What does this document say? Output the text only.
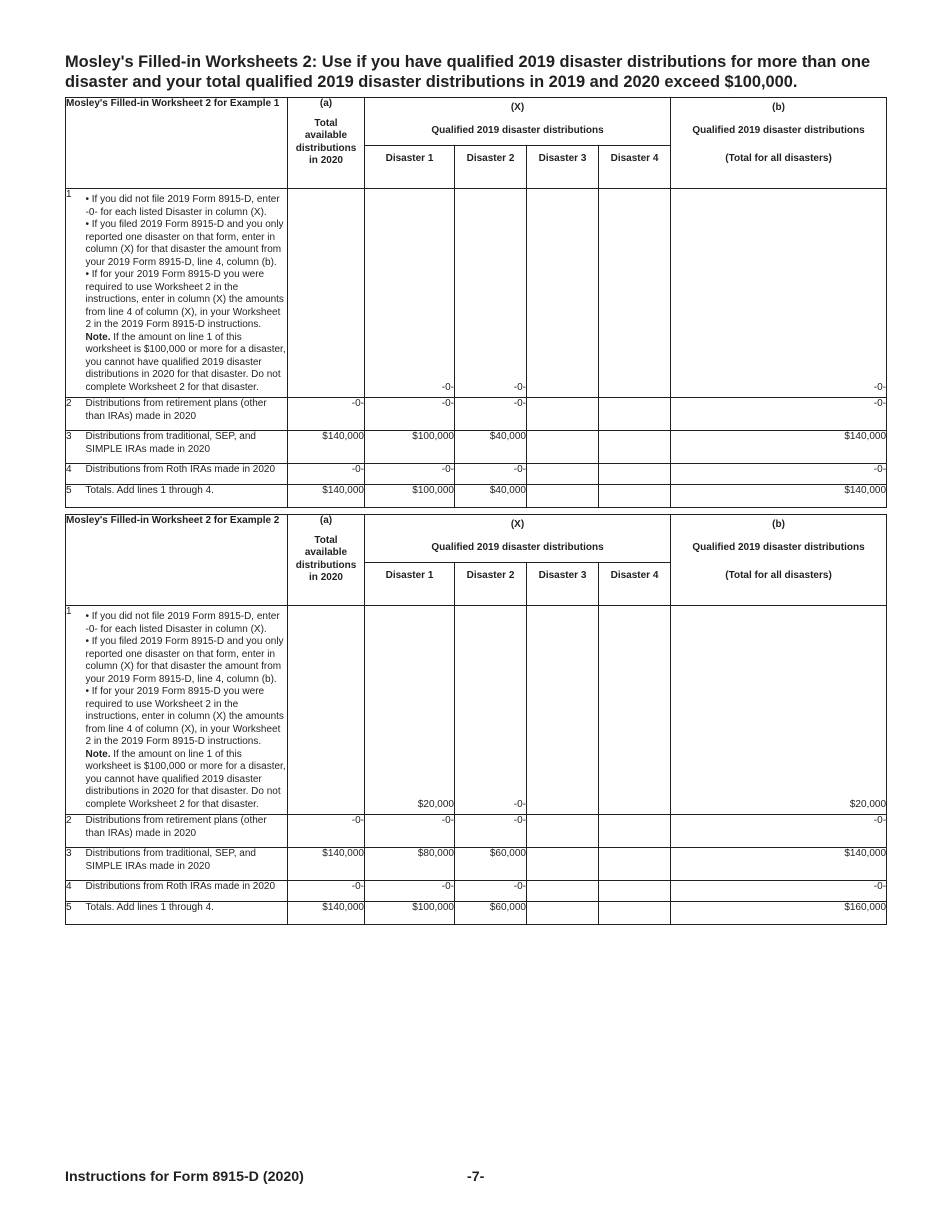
Mosley's Filled-in Worksheets 2: Use if you have qualified 2019 disaster distributions for more than one disaster and your total qualified 2019 disaster distributions in 2019 and 2020 exceed $100,000.
Mosley's Filled-in Worksheet 2 for Example 1		(a)
Total
available
distributions
in 2020	(X)				(b)
			Qualified 2019 disaster distributions				Qualified 2019 disaster distributions
			Disaster 1	Disaster 2	Disaster 3	Disaster 4	(Total for all disasters)
1	• If you did not file 2019 Form 8915-D, enter -0- for each listed Disaster in column (X).
• If you filed 2019 Form 8915-D and you only reported one disaster on that form, enter in column (X) for that disaster the amount from your 2019 Form 8915-D, line 4, column (b).
• If for your 2019 Form 8915-D you were required to use Worksheet 2 in the instructions, enter in column (X) the amounts from line 4 of column (X), in your Worksheet 2 in the 2019 Form 8915-D instructions.
Note. If the amount on line 1 of this worksheet is $100,000 or more for a disaster, you cannot have qualified 2019 disaster distributions in 2020 for that disaster. Do not complete Worksheet 2 for that disaster.		-0-	-0-			-0-
2	Distributions from retirement plans (other than IRAs) made in 2020	-0-	-0-	-0-			-0-
3	Distributions from traditional, SEP, and SIMPLE IRAs made in 2020	$140,000	$100,000	$40,000			$140,000
4	Distributions from Roth IRAs made in 2020	-0-	-0-	-0-			-0-
5	Totals. Add lines 1 through 4.	$140,000	$100,000	$40,000			$140,000
Mosley's Filled-in Worksheet 2 for Example 2		(a)
Total
available
distributions
in 2020	(X)				(b)
			Qualified 2019 disaster distributions				Qualified 2019 disaster distributions
			Disaster 1	Disaster 2	Disaster 3	Disaster 4	(Total for all disasters)
1	• If you did not file 2019 Form 8915-D, enter -0- for each listed Disaster in column (X).
• If you filed 2019 Form 8915-D and you only reported one disaster on that form, enter in column (X) for that disaster the amount from your 2019 Form 8915-D, line 4, column (b).
• If for your 2019 Form 8915-D you were required to use Worksheet 2 in the instructions, enter in column (X) the amounts from line 4 of column (X), in your Worksheet 2 in the 2019 Form 8915-D instructions.
Note. If the amount on line 1 of this worksheet is $100,000 or more for a disaster, you cannot have qualified 2019 disaster distributions in 2020 for that disaster. Do not complete Worksheet 2 for that disaster.		$20,000	-0-			$20,000
2	Distributions from retirement plans (other than IRAs) made in 2020	-0-	-0-	-0-			-0-
3	Distributions from traditional, SEP, and SIMPLE IRAs made in 2020	$140,000	$80,000	$60,000			$140,000
4	Distributions from Roth IRAs made in 2020	-0-	-0-	-0-			-0-
5	Totals. Add lines 1 through 4.	$140,000	$100,000	$60,000			$160,000
Instructions for Form 8915-D (2020)	-7-
